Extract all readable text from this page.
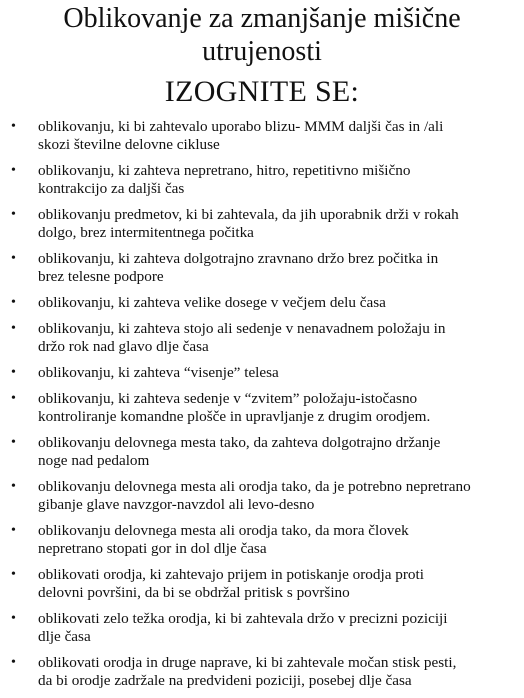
Oblikovanje za zmanjšanje mišične
utrujenosti
IZOGNITE SE:
• oblikovanju, ki bi zahtevalo uporabo blizu- MMM daljši čas in /ali
skozi številne delovne cikluse
• oblikovanju, ki zahteva nepretrano, hitro, repetitivno mišično
kontrakcijo za daljši čas
• oblikovanju predmetov, ki bi zahtevala, da jih uporabnik drži v rokah
dolgo, brez intermitentnega počitka
• oblikovanju, ki zahteva dolgotrajno zravnano držo brez počitka in
brez telesne podpore
• oblikovanju, ki zahteva velike dosege v večjem delu časa
• oblikovanju, ki zahteva stojo ali sedenje v nenavadnem položaju in
držo rok nad glavo dlje časa
• oblikovanju, ki zahteva “visenje” telesa
• oblikovanju, ki zahteva sedenje v “zvitem” položaju-istočasno
kontroliranje komandne plošče in upravljanje z drugim orodjem.
• oblikovanju delovnega mesta tako, da zahteva dolgotrajno držanje
noge nad pedalom
• oblikovanju delovnega mesta ali orodja tako, da je potrebno nepretrano
gibanje glave navzgor-navzdol ali levo-desno
• oblikovanju delovnega mesta ali orodja tako, da mora človek
nepretrano stopati gor in dol dlje časa
• oblikovati orodja, ki zahtevajo prijem in potiskanje orodja proti
delovni površini, da bi se obdržal pritisk s površino
• oblikovati zelo težka orodja, ki bi zahtevala držo v precizni poziciji
dlje časa
• oblikovati orodja in druge naprave, ki bi zahtevale močan stisk pesti,
da bi orodje zadržale na predvideni poziciji, posebej dlje časa
